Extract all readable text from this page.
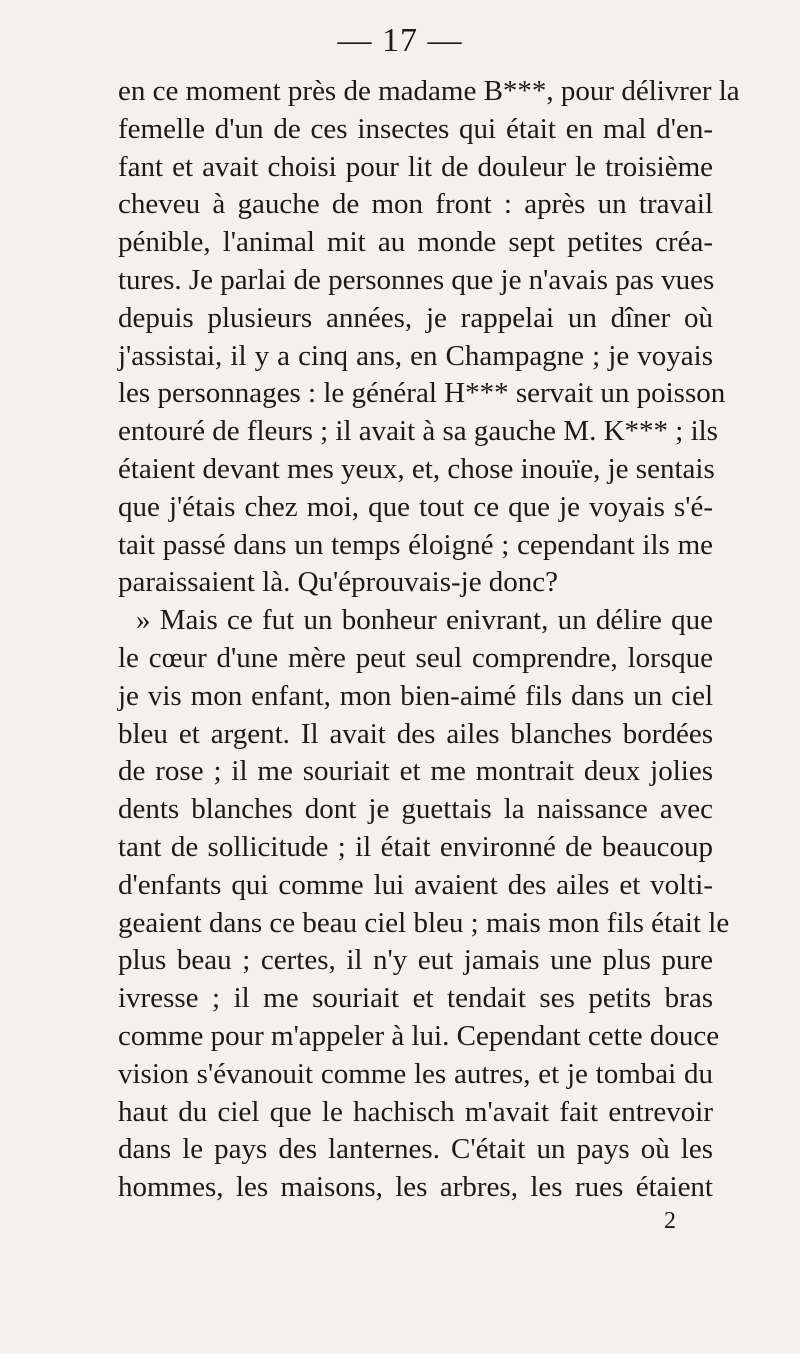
— 17 —
en ce moment près de madame B***, pour délivrer la
femelle d'un de ces insectes qui était en mal d'en-
fant et avait choisi pour lit de douleur le troisième
cheveu à gauche de mon front : après un travail
pénible, l'animal mit au monde sept petites créa-
tures. Je parlai de personnes que je n'avais pas vues
depuis plusieurs années, je rappelai un dîner où
j'assistai, il y a cinq ans, en Champagne ; je voyais
les personnages : le général H*** servait un poisson
entouré de fleurs ; il avait à sa gauche M. K*** ; ils
étaient devant mes yeux, et, chose inouïe, je sentais
que j'étais chez moi, que tout ce que je voyais s'é-
tait passé dans un temps éloigné ; cependant ils me
paraissaient là. Qu'éprouvais-je donc?
» Mais ce fut un bonheur enivrant, un délire que
le cœur d'une mère peut seul comprendre, lorsque
je vis mon enfant, mon bien-aimé fils dans un ciel
bleu et argent. Il avait des ailes blanches bordées
de rose ; il me souriait et me montrait deux jolies
dents blanches dont je guettais la naissance avec
tant de sollicitude ; il était environné de beaucoup
d'enfants qui comme lui avaient des ailes et volti-
geaient dans ce beau ciel bleu ; mais mon fils était le
plus beau ; certes, il n'y eut jamais une plus pure
ivresse ; il me souriait et tendait ses petits bras
comme pour m'appeler à lui. Cependant cette douce
vision s'évanouit comme les autres, et je tombai du
haut du ciel que le hachisch m'avait fait entrevoir
dans le pays des lanternes. C'était un pays où les
hommes, les maisons, les arbres, les rues étaient
2
